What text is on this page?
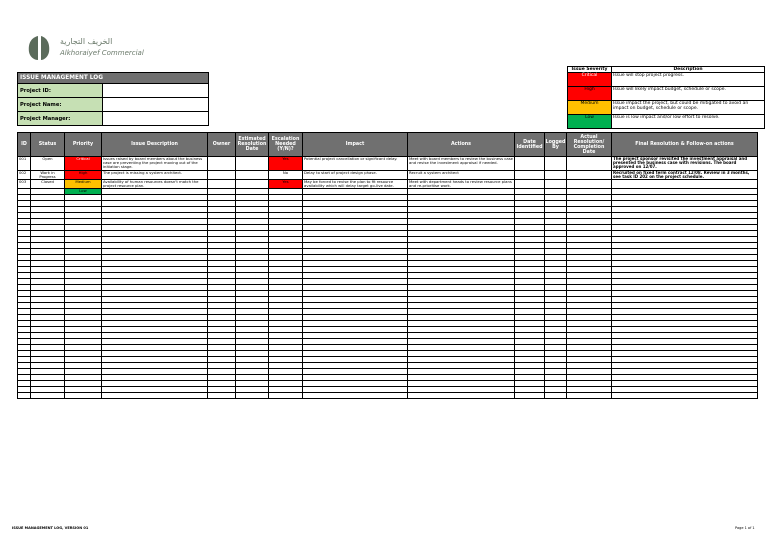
الخريف التجارية
Alkhoraiyef Commercial
ISSUE MANAGEMENT LOG	
Project ID:	
Project Name:	
Project Manager:	
Issue Severity	Description
Critical	Issue will stop project progress.
High	Issue will likely impact budget, schedule or scope.
Medium	Issue impact the project, but could be mitigated to avoid an impact on budget, schedule or scope.
Low	Issue is low impact and/or low effort to resolve.
ID	Status	Priority	Issue Description	Owner	Estimated Resolution Date	Escalation Needed (Y/N)?	Impact	Actions	Date Identified	Logged By	Actual Resolution/ Completion Date	Final Resolution & Follow-on actions
001	Open	Critical	Issues raised by board members about the business case are preventing the project moving out of the initiation stage.			Yes	Potential project cancellation or significant delay.	Meet with board members to review the business case and revise the investment appraisal if needed.				The project sponsor revisited the investment appraisal and presented the business case with revisions. The board approved on 12/07.
002	Work in Progress	High	The project is missing a system architect.			No	Delay to start of project design phase.	Recruit a system architect				Recruited on fixed term contract 12/08. Review in 3 months, see task ID 202 on the project schedule.
003	Closed	Medium	Availability of human resources doesn't match the project resource plan.			Yes	May be forced to revise the plan to fit resource availability which will delay target go-live date.	Meet with department heads to review resource plans and re-prioritise work.				
		Low										

ISSUE MANAGEMENT LOG, VERSION 01	Page 1 of 1
